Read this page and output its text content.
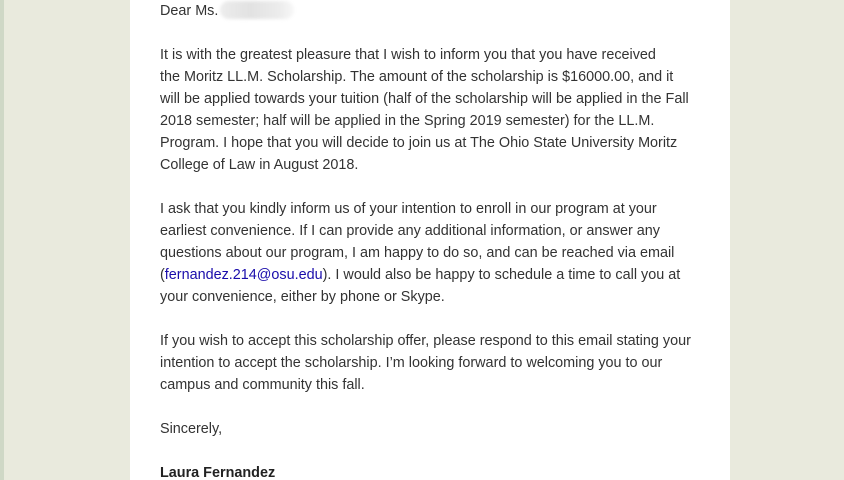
Dear Ms.
It is with the greatest pleasure that I wish to inform you that you have received
the Moritz LL.M. Scholarship. The amount of the scholarship is $16000.00, and it
will be applied towards your tuition (half of the scholarship will be applied in the Fall
2018 semester; half will be applied in the Spring 2019 semester) for the LL.M.
Program. I hope that you will decide to join us at The Ohio State University Moritz
College of Law in August 2018.
I ask that you kindly inform us of your intention to enroll in our program at your
earliest convenience. If I can provide any additional information, or answer any
questions about our program, I am happy to do so, and can be reached via email
(fernandez.214@osu.edu). I would also be happy to schedule a time to call you at
your convenience, either by phone or Skype.
If you wish to accept this scholarship offer, please respond to this email stating your
intention to accept the scholarship. I’m looking forward to welcoming you to our
campus and community this fall.
Sincerely,
Laura Fernandez
